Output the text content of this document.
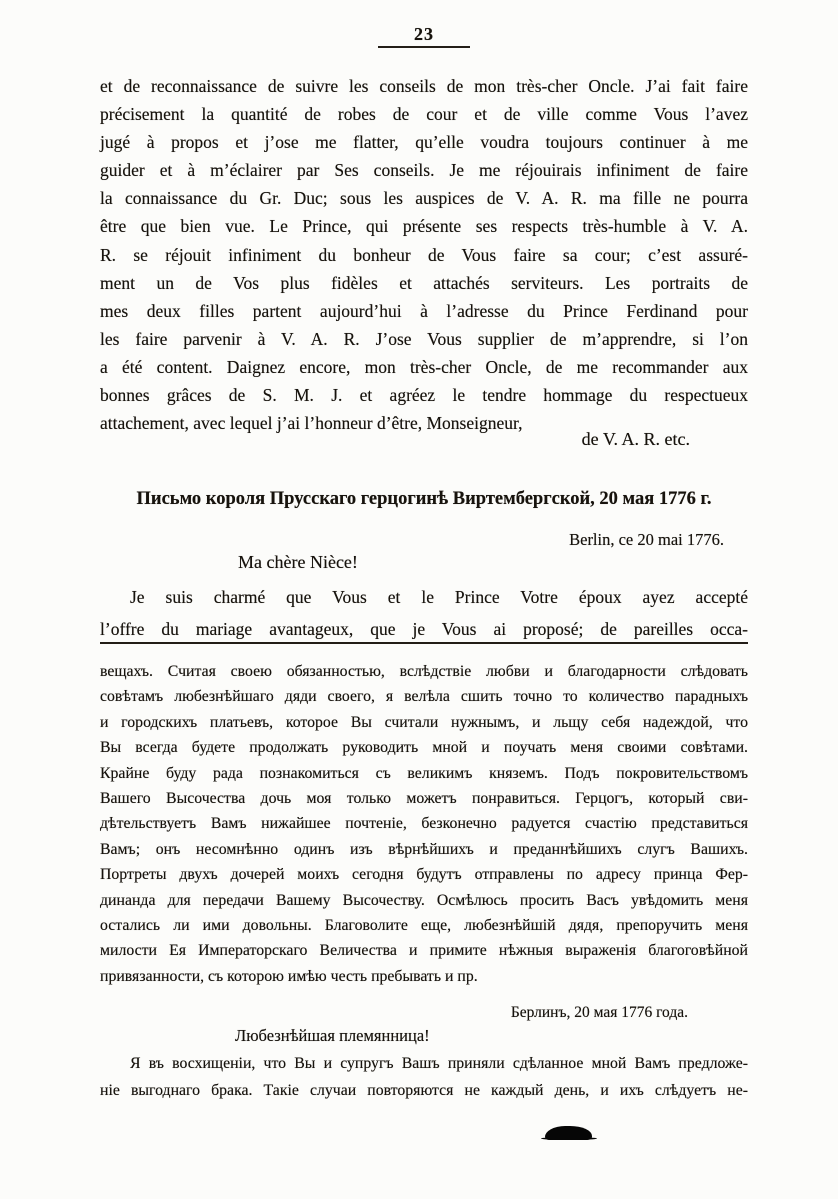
23
et de reconnaissance de suivre les conseils de mon très-cher Oncle. J’ai fait faire
précisement la quantité de robes de cour et de ville comme Vous l’avez
jugé à propos et j’ose me flatter, qu’elle voudra toujours continuer à me
guider et à m’éclairer par Ses conseils. Je me réjouirais infiniment de faire
la connaissance du Gr. Duc; sous les auspices de V. A. R. ma fille ne pourra
être que bien vue. Le Prince, qui présente ses respects très-humble à V. A.
R. se réjouit infiniment du bonheur de Vous faire sa cour; c’est assuré-
ment un de Vos plus fidèles et attachés serviteurs. Les portraits de
mes deux filles partent aujourd’hui à l’adresse du Prince Ferdinand pour
les faire parvenir à V. A. R. J’ose Vous supplier de m’apprendre, si l’on
a été content. Daignez encore, mon très-cher Oncle, de me recommander aux
bonnes grâces de S. M. J. et agréez le tendre hommage du respectueux
attachement, avec lequel j’ai l’honneur d’être, Monseigneur,
de V. A. R. etc.
Письмо короля Прусскаго герцогинѣ Виртембергской, 20 мая 1776 г.
Berlin, ce 20 mai 1776.
Ma chère Nièce!
Je suis charmé que Vous et le Prince Votre époux ayez accepté
l’offre du mariage avantageux, que je Vous ai proposé; de pareilles occa-
вещахъ. Считая своею обязанностью, вслѣдствіе любви и благодарности слѣдовать
совѣтамъ любезнѣйшаго дяди своего, я велѣла сшить точно то количество парадныхъ
и городскихъ платьевъ, которое Вы считали нужнымъ, и льщу себя надеждой, что
Вы всегда будете продолжать руководить мной и поучать меня своими совѣтами.
Крайне буду рада познакомиться съ великимъ княземъ. Подъ покровительствомъ
Вашего Высочества дочь моя только можетъ понравиться. Герцогъ, который сви-
дѣтельствуетъ Вамъ нижайшее почтеніе, безконечно радуется счастію представиться
Вамъ; онъ несомнѣнно одинъ изъ вѣрнѣйшихъ и преданнѣйшихъ слугъ Вашихъ.
Портреты двухъ дочерей моихъ сегодня будутъ отправлены по адресу принца Фер-
динанда для передачи Вашему Высочеству. Осмѣлюсь просить Васъ увѣдомить меня
остались ли ими довольны. Благоволите еще, любезнѣйшій дядя, препоручить меня
милости Ея Императорскаго Величества и примите нѣжныя выраженія благоговѣйной
привязанности, съ которою имѣю честь пребывать и пр.
Берлинъ, 20 мая 1776 года.
Любезнѣйшая племянница!
Я въ восхищеніи, что Вы и супругъ Вашъ приняли сдѣланное мной Вамъ предложе-
ніе выгоднаго брака. Такіе случаи повторяются не каждый день, и ихъ слѣдуетъ не-
